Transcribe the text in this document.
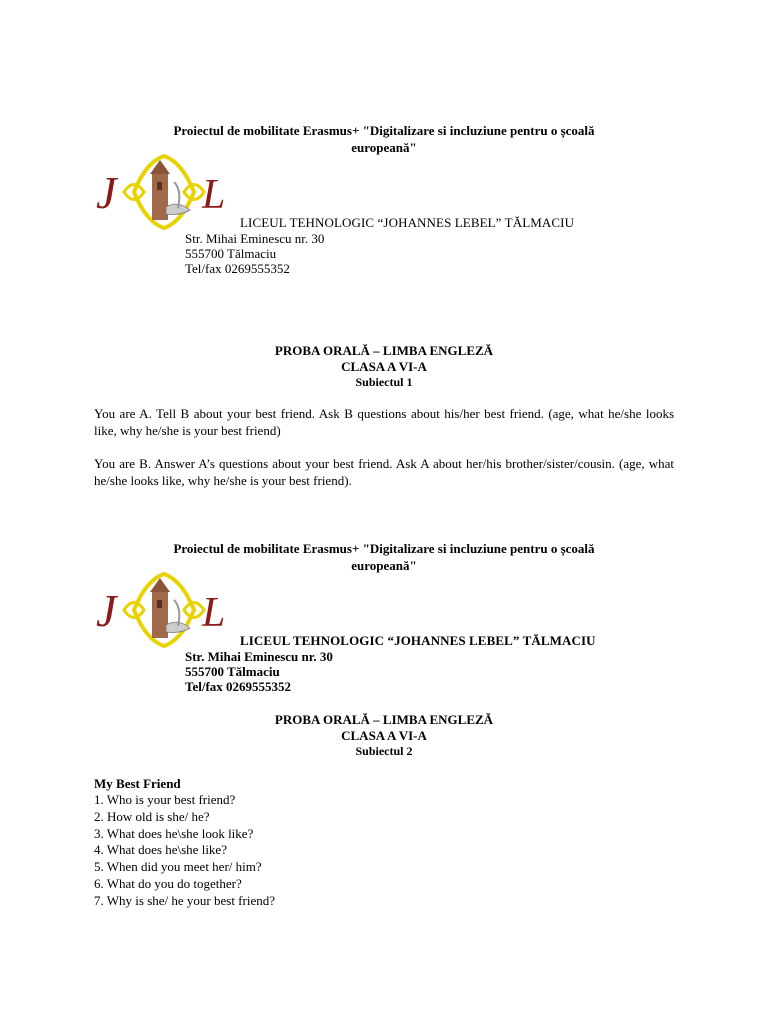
Proiectul de mobilitate Erasmus+ "Digitalizare si incluziune pentru o școală
europeană"
J L
LICEUL TEHNOLOGIC “JOHANNES LEBEL” TĂLMACIU
Str. Mihai Eminescu nr. 30
555700 Tălmaciu
Tel/fax 0269555352
PROBA ORALĂ – LIMBA ENGLEZĂ
CLASA A VI-A
Subiectul 1
You are A. Tell B about your best friend. Ask B questions about his/her best friend. (age, what he/she looks like, why he/she is your best friend)
You are B. Answer A’s questions about your best friend. Ask A about her/his brother/sister/cousin. (age, what he/she looks like, why he/she is your best friend).
Proiectul de mobilitate Erasmus+ "Digitalizare si incluziune pentru o școală
europeană"
J L
LICEUL TEHNOLOGIC “JOHANNES LEBEL” TĂLMACIU
Str. Mihai Eminescu nr. 30
555700 Tălmaciu
Tel/fax 0269555352
PROBA ORALĂ – LIMBA ENGLEZĂ
CLASA A VI-A
Subiectul 2
My Best Friend
1. Who is your best friend?
2. How old is she/ he?
3. What does he\she look like?
4. What does he\she like?
5. When did you meet her/ him?
6. What do you do together?
7. Why is she/ he your best friend?
